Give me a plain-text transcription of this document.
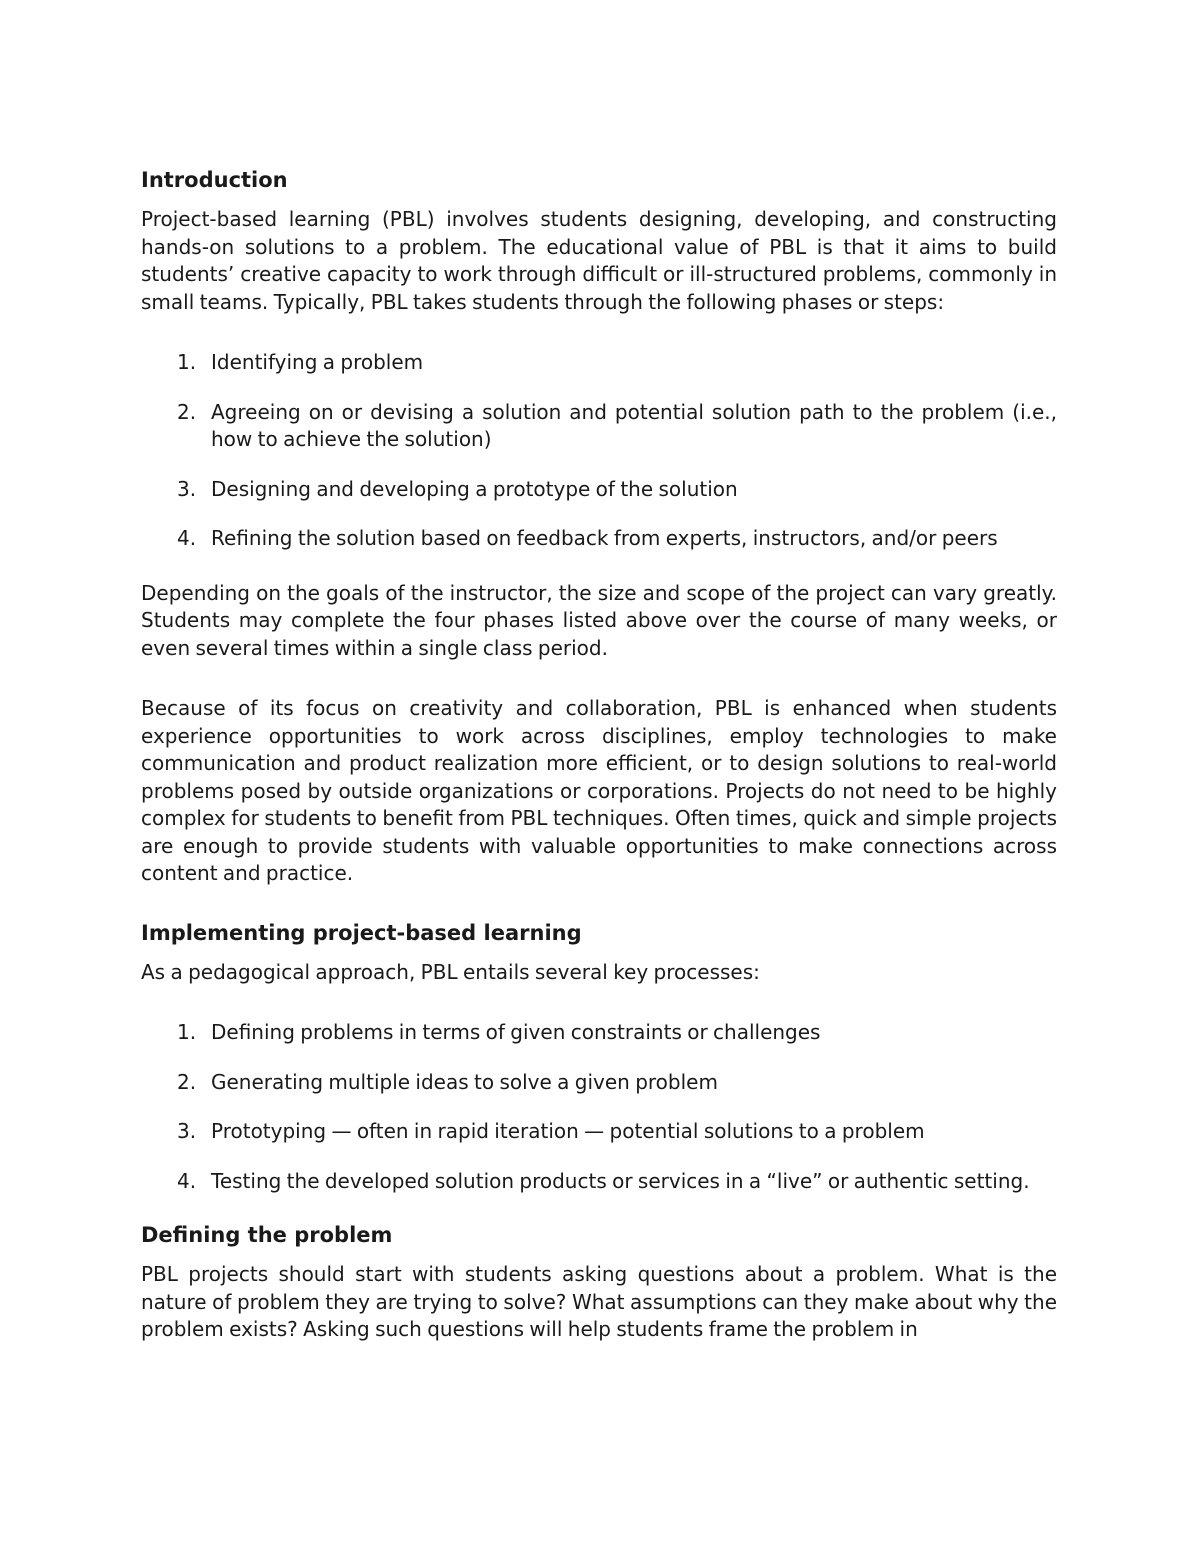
Introduction

Project-based learning (PBL) involves students designing, developing, and constructing hands-on solutions to a problem. The educational value of PBL is that it aims to build students’ creative capacity to work through difficult or ill-structured problems, commonly in small teams. Typically, PBL takes students through the following phases or steps:

1. Identifying a problem
2. Agreeing on or devising a solution and potential solution path to the problem (i.e., how to achieve the solution)
3. Designing and developing a prototype of the solution
4. Refining the solution based on feedback from experts, instructors, and/or peers

Depending on the goals of the instructor, the size and scope of the project can vary greatly. Students may complete the four phases listed above over the course of many weeks, or even several times within a single class period.

Because of its focus on creativity and collaboration, PBL is enhanced when students experience opportunities to work across disciplines, employ technologies to make communication and product realization more efficient, or to design solutions to real-world problems posed by outside organizations or corporations. Projects do not need to be highly complex for students to benefit from PBL techniques. Often times, quick and simple projects are enough to provide students with valuable opportunities to make connections across content and practice.

Implementing project-based learning

As a pedagogical approach, PBL entails several key processes:

1. Defining problems in terms of given constraints or challenges
2. Generating multiple ideas to solve a given problem
3. Prototyping — often in rapid iteration — potential solutions to a problem
4. Testing the developed solution products or services in a “live” or authentic setting.
Defining the problem

PBL projects should start with students asking questions about a problem. What is the nature of problem they are trying to solve? What assumptions can they make about why the problem exists? Asking such questions will help students frame the problem in
